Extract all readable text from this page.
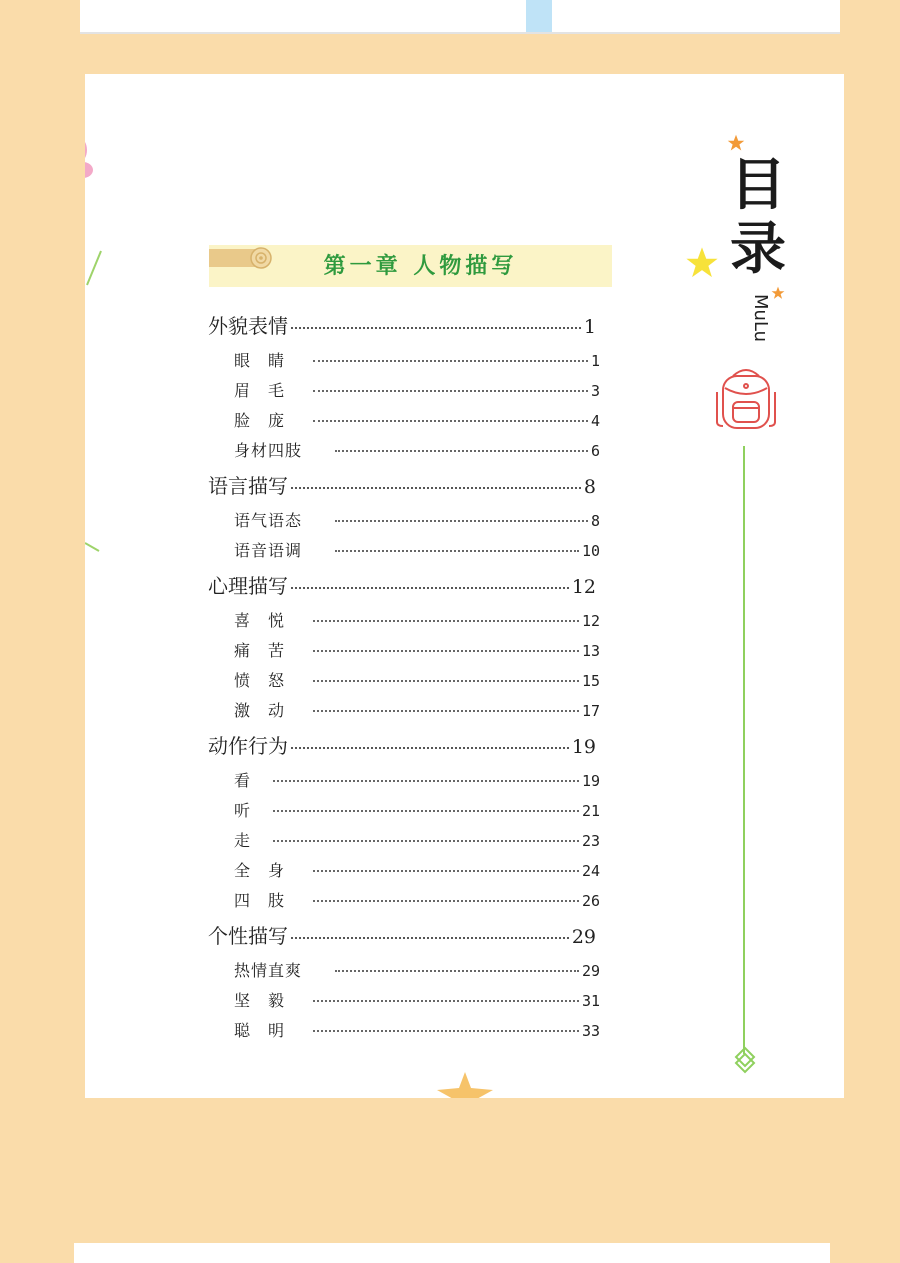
第一章 人物描写
外貌表情	1
眼　睛	1
眉　毛	3
脸　庞	4
身材四肢	6
语言描写	8
语气语态	8
语音语调	10
心理描写	12
喜　悦	12
痛　苦	13
愤　怒	15
激　动	17
动作行为	19
看	19
听	21
走	23
全　身	24
四　肢	26
个性描写	29
热情直爽	29
坚　毅	31
聪　明	33
目
录
MuLu
